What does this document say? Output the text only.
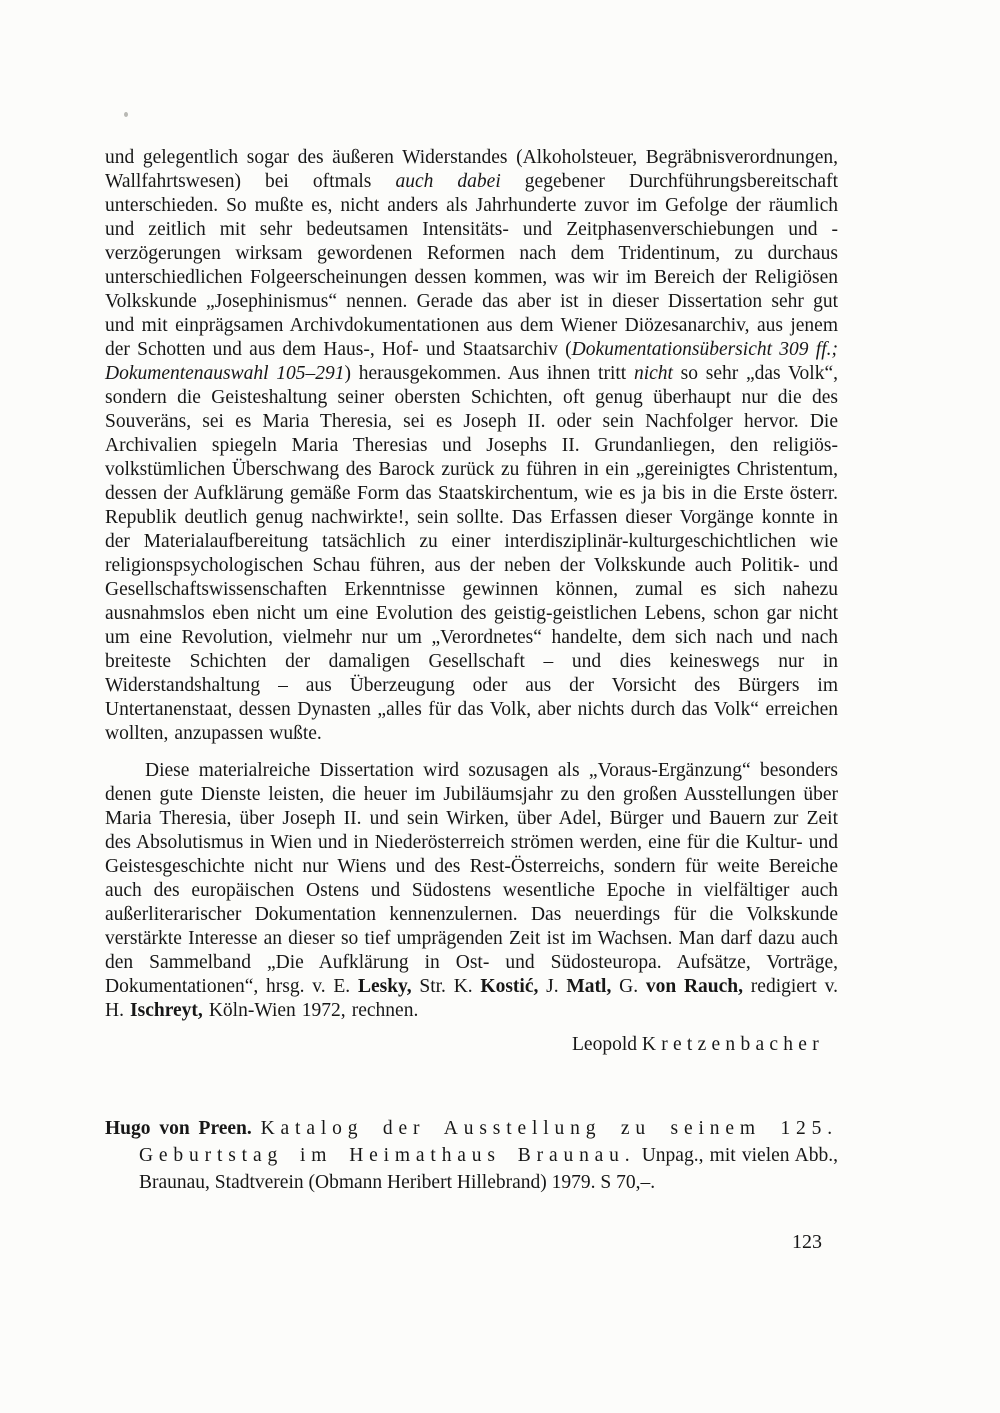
und gelegentlich sogar des äußeren Widerstandes (Alkoholsteuer, Begräbnisverordnungen, Wallfahrtswesen) bei oftmals auch dabei gegebener Durchführungsbereitschaft unterschieden. So mußte es, nicht anders als Jahrhunderte zuvor im Gefolge der räumlich und zeitlich mit sehr bedeutsamen Intensitäts- und Zeitphasenverschiebungen und -verzögerungen wirksam gewordenen Reformen nach dem Tridentinum, zu durchaus unterschiedlichen Folgeerscheinungen dessen kommen, was wir im Bereich der Religiösen Volkskunde „Josephinismus“ nennen. Gerade das aber ist in dieser Dissertation sehr gut und mit einprägsamen Archivdokumentationen aus dem Wiener Diözesanarchiv, aus jenem der Schotten und aus dem Haus-, Hof- und Staatsarchiv (Dokumentationsübersicht 309 ff.; Dokumentenauswahl 105–291) herausgekommen. Aus ihnen tritt nicht so sehr „das Volk“, sondern die Geisteshaltung seiner obersten Schichten, oft genug überhaupt nur die des Souveräns, sei es Maria Theresia, sei es Joseph II. oder sein Nachfolger hervor. Die Archivalien spiegeln Maria Theresias und Josephs II. Grundanliegen, den religiös-volkstümlichen Überschwang des Barock zurück zu führen in ein „gereinigtes Christentum, dessen der Aufklärung gemäße Form das Staatskirchentum, wie es ja bis in die Erste österr. Republik deutlich genug nachwirkte!, sein sollte. Das Erfassen dieser Vorgänge konnte in der Materialaufbereitung tatsächlich zu einer interdisziplinär-kulturgeschichtlichen wie religionspsychologischen Schau führen, aus der neben der Volkskunde auch Politik- und Gesellschaftswissenschaften Erkenntnisse gewinnen können, zumal es sich nahezu ausnahmslos eben nicht um eine Evolution des geistig-geistlichen Lebens, schon gar nicht um eine Revolution, vielmehr nur um „Verordnetes“ handelte, dem sich nach und nach breiteste Schichten der damaligen Gesellschaft – und dies keineswegs nur in Widerstandshaltung – aus Überzeugung oder aus der Vorsicht des Bürgers im Untertanenstaat, dessen Dynasten „alles für das Volk, aber nichts durch das Volk“ erreichen wollten, anzupassen wußte.

Diese materialreiche Dissertation wird sozusagen als „Voraus-Ergänzung“ besonders denen gute Dienste leisten, die heuer im Jubiläumsjahr zu den großen Ausstellungen über Maria Theresia, über Joseph II. und sein Wirken, über Adel, Bürger und Bauern zur Zeit des Absolutismus in Wien und in Niederösterreich strömen werden, eine für die Kultur- und Geistesgeschichte nicht nur Wiens und des Rest-Österreichs, sondern für weite Bereiche auch des europäischen Ostens und Südostens wesentliche Epoche in vielfältiger auch außerliterarischer Dokumentation kennenzulernen. Das neuerdings für die Volkskunde verstärkte Interesse an dieser so tief umprägenden Zeit ist im Wachsen. Man darf dazu auch den Sammelband „Die Aufklärung in Ost- und Südosteuropa. Aufsätze, Vorträge, Dokumentationen“, hrsg. v. E. Lesky, Str. K. Kostić, J. Matl, G. von Rauch, redigiert v. H. Ischreyt, Köln-Wien 1972, rechnen.

Leopold Kretzenbacher

Hugo von Preen. Katalog der Ausstellung zu seinem 125. Geburtstag im Heimathaus Braunau. Unpag., mit vielen Abb., Braunau, Stadtverein (Obmann Heribert Hillebrand) 1979. S 70,–.

123
